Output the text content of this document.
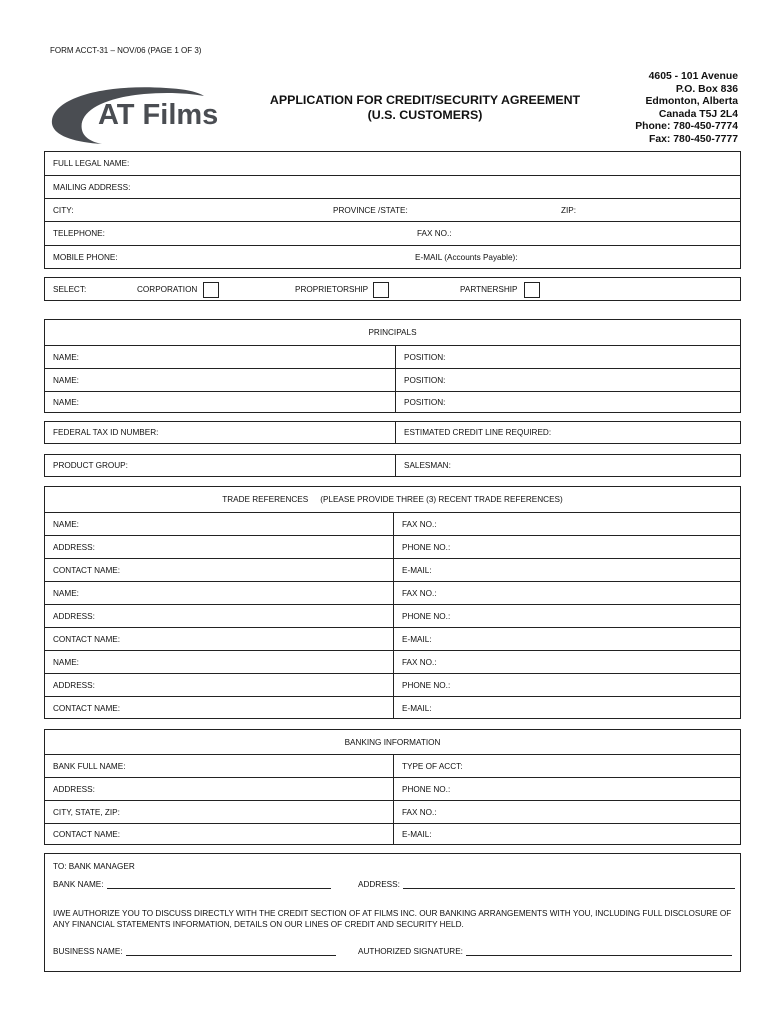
FORM ACCT-31 – NOV/06 (PAGE 1 OF 3)
AT Films	APPLICATION FOR CREDIT/SECURITY AGREEMENT
(U.S. CUSTOMERS)
4605 - 101 Avenue
P.O. Box 836
Edmonton, Alberta
Canada T5J 2L4
Phone: 780-450-7774
Fax: 780-450-7777
FULL LEGAL NAME:
MAILING ADDRESS:
CITY:	PROVINCE /STATE:	ZIP:
TELEPHONE:	FAX NO.:
MOBILE PHONE:	E-MAIL (Accounts Payable):
SELECT:	CORPORATION	PROPRIETORSHIP	PARTNERSHIP
PRINCIPALS
NAME:	POSITION:
NAME:	POSITION:
NAME:	POSITION:
FEDERAL TAX ID NUMBER:	ESTIMATED CREDIT LINE REQUIRED:
PRODUCT GROUP:	SALESMAN:
TRADE REFERENCES (PLEASE PROVIDE THREE (3) RECENT TRADE REFERENCES)
NAME:	FAX NO.:
ADDRESS:	PHONE NO.:
CONTACT NAME:	E-MAIL:
NAME:	FAX NO.:
ADDRESS:	PHONE NO.:
CONTACT NAME:	E-MAIL:
NAME:	FAX NO.:
ADDRESS:	PHONE NO.:
CONTACT NAME:	E-MAIL:
BANKING INFORMATION
BANK FULL NAME:	TYPE OF ACCT:
ADDRESS:	PHONE NO.:
CITY, STATE, ZIP:	FAX NO.:
CONTACT NAME:	E-MAIL:
TO: BANK MANAGER
BANK NAME:	ADDRESS:
I/WE AUTHORIZE YOU TO DISCUSS DIRECTLY WITH THE CREDIT SECTION OF AT FILMS INC. OUR BANKING ARRANGEMENTS WITH YOU, INCLUDING FULL DISCLOSURE OF ANY FINANCIAL STATEMENTS INFORMATION, DETAILS ON OUR LINES OF CREDIT AND SECURITY HELD.
BUSINESS NAME:	AUTHORIZED SIGNATURE:
